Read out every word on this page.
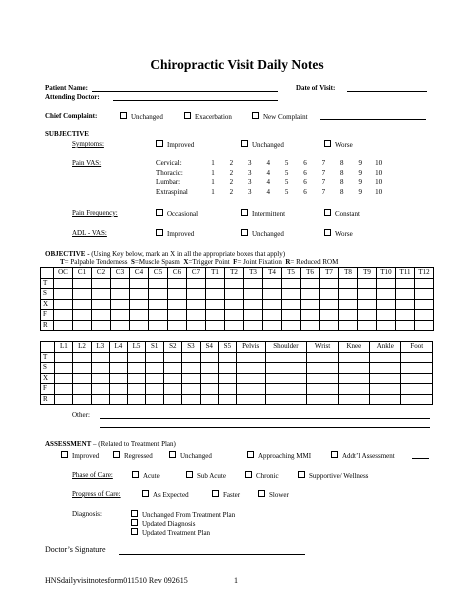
Chiropractic Visit Daily Notes
Patient Name:	Date of Visit:
Attending Doctor:
Chief Complaint:	Unchanged	Exacerbation	New Complaint
SUBJECTIVE
Symptoms:	Improved	Unchanged	Worse
Pain VAS:	Cervical:	1	2	3	4	5	6	7	8	9	10
Thoracic:	1	2	3	4	5	6	7	8	9	10
Lumbar:	1	2	3	4	5	6	7	8	9	10
Extraspinal	1	2	3	4	5	6	7	8	9	10
Pain Frequency:	Occasional	Intermittent	Constant
ADL - VAS:	Improved	Unchanged	Worse
OBJECTIVE - (Using Key below, mark an X in all the appropriate boxes that apply)
T= Palpable Tenderness S=Muscle Spasm X=Trigger Point F= Joint Fixation R= Reduced ROM
	OC	C1	C2	C3	C4	C5	C6	C7	T1	T2	T3	T4	T5	T6	T7	T8	T9	T10	T11	T12
T																				
S																				
X																				
F																				
R																				
	L1	L2	L3	L4	L5	S1	S2	S3	S4	S5	Pelvis	Shoulder	Wrist	Knee	Ankle	Foot
T																
S																
X																
F																
R																
Other:
ASSESSMENT – (Related to Treatment Plan)
Improved	Regressed	Unchanged	Approaching MMI	Addt’l Assessment
Phase of Care:	Acute	Sub Acute	Chronic	Supportive/ Wellness
Progress of Care:	As Expected	Faster	Slower
Diagnosis:	Unchanged From Treatment Plan
Updated Diagnosis
Updated Treatment Plan
Doctor’s Signature
HNSdailyvisitnotesform011510 Rev 092615	1
